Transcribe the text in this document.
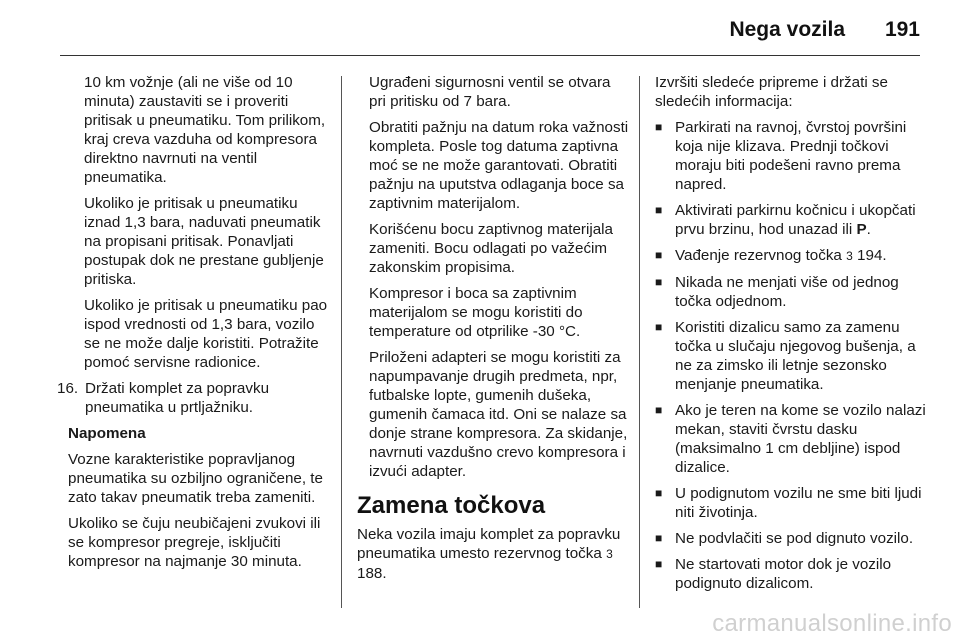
Nega vozila 191

10 km vožnje (ali ne više od 10 minuta) zaustaviti se i proveriti pritisak u pneumatiku. Tom prilikom, kraj creva vazduha od kompresora direktno navrnuti na ventil pneumatika.

Ukoliko je pritisak u pneumatiku iznad 1,3 bara, naduvati pneumatik na propisani pritisak. Ponavljati postupak dok ne prestane gubljenje pritiska.

Ukoliko je pritisak u pneumatiku pao ispod vrednosti od 1,3 bara, vozilo se ne može dalje koristiti. Potražite pomoć servisne radionice.

16. Držati komplet za popravku pneumatika u prtljažniku.

Napomena

Vozne karakteristike popravljanog pneumatika su ozbiljno ograničene, te zato takav pneumatik treba zameniti.

Ukoliko se čuju neubičajeni zvukovi ili se kompresor pregreje, isključiti kompresor na najmanje 30 minuta.

Ugrađeni sigurnosni ventil se otvara pri pritisku od 7 bara.

Obratiti pažnju na datum roka važnosti kompleta. Posle tog datuma zaptivna moć se ne može garantovati. Obratiti pažnju na uputstva odlaganja boce sa zaptivnim materijalom.

Korišćenu bocu zaptivnog materijala zameniti. Bocu odlagati po važećim zakonskim propisima.

Kompresor i boca sa zaptivnim materijalom se mogu koristiti do temperature od otprilike -30 °C.

Priloženi adapteri se mogu koristiti za napumpavanje drugih predmeta, npr, futbalske lopte, gumenih dušeka, gumenih čamaca itd. Oni se nalaze sa donje strane kompresora. Za skidanje, navrnuti vazdušno crevo kompresora i izvući adapter.

Zamena točkova

Neka vozila imaju komplet za popravku pneumatika umesto rezervnog točka 3 188.

Izvršiti sledeće pripreme i držati se sledećih informacija:

■ Parkirati na ravnoj, čvrstoj površini koja nije klizava. Prednji točkovi moraju biti podešeni ravno prema napred.
■ Aktivirati parkirnu kočnicu i ukopčati prvu brzinu, hod unazad ili P.
■ Vađenje rezervnog točka 3 194.
■ Nikada ne menjati više od jednog točka odjednom.
■ Koristiti dizalicu samo za zamenu točka u slučaju njegovog bušenja, a ne za zimsko ili letnje sezonsko menjanje pneumatika.
■ Ako je teren na kome se vozilo nalazi mekan, staviti čvrstu dasku (maksimalno 1 cm debljine) ispod dizalice.
■ U podignutom vozilu ne sme biti ljudi niti životinja.
■ Ne podvlačiti se pod dignuto vozilo.
■ Ne startovati motor dok je vozilo podignuto dizalicom.
carmanualsonline.info
